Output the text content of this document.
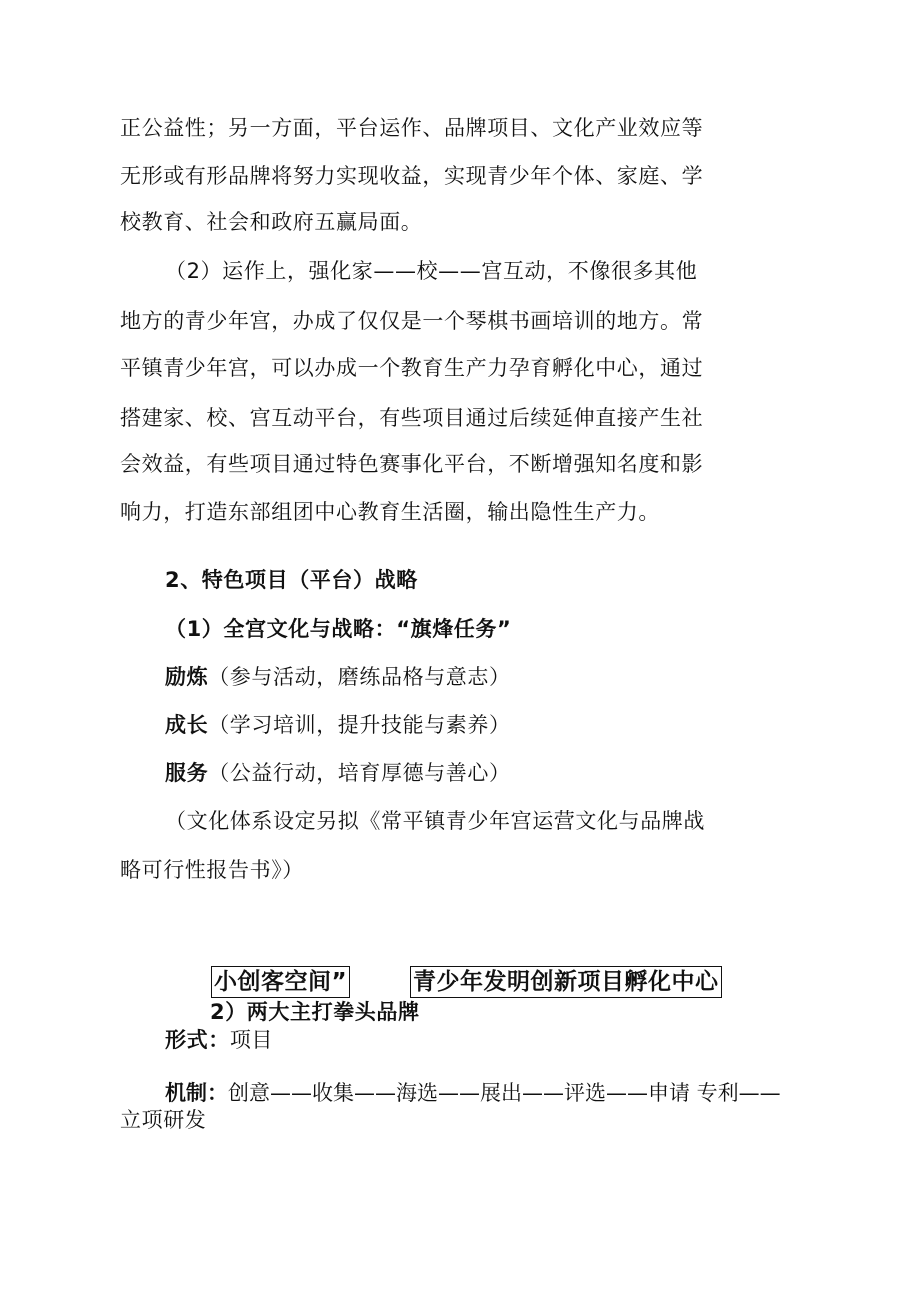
正公益性；另一方面，平台运作、品牌项目、文化产业效应等
无形或有形品牌将努力实现收益，实现青少年个体、家庭、学
校教育、社会和政府五赢局面。
（2）运作上，强化家——校——宫互动，不像很多其他
地方的青少年宫，办成了仅仅是一个琴棋书画培训的地方。常
平镇青少年宫，可以办成一个教育生产力孕育孵化中心，通过
搭建家、校、宫互动平台，有些项目通过后续延伸直接产生社
会效益，有些项目通过特色赛事化平台，不断增强知名度和影
响力，打造东部组团中心教育生活圈，输出隐性生产力。
2、特色项目（平台）战略
（1）全宫文化与战略：“旗烽任务”
励炼（参与活动，磨练品格与意志）
成长（学习培训，提升技能与素养）
服务（公益行动，培育厚德与善心）
（文化体系设定另拟《常平镇青少年宫运营文化与品牌战
略可行性报告书》）
小创客空间”	青少年发明创新项目孵化中心
2）两大主打拳头品牌
形式：项目
机制：创意——收集——海选——展出——评选——申请 专利——
立项研发
